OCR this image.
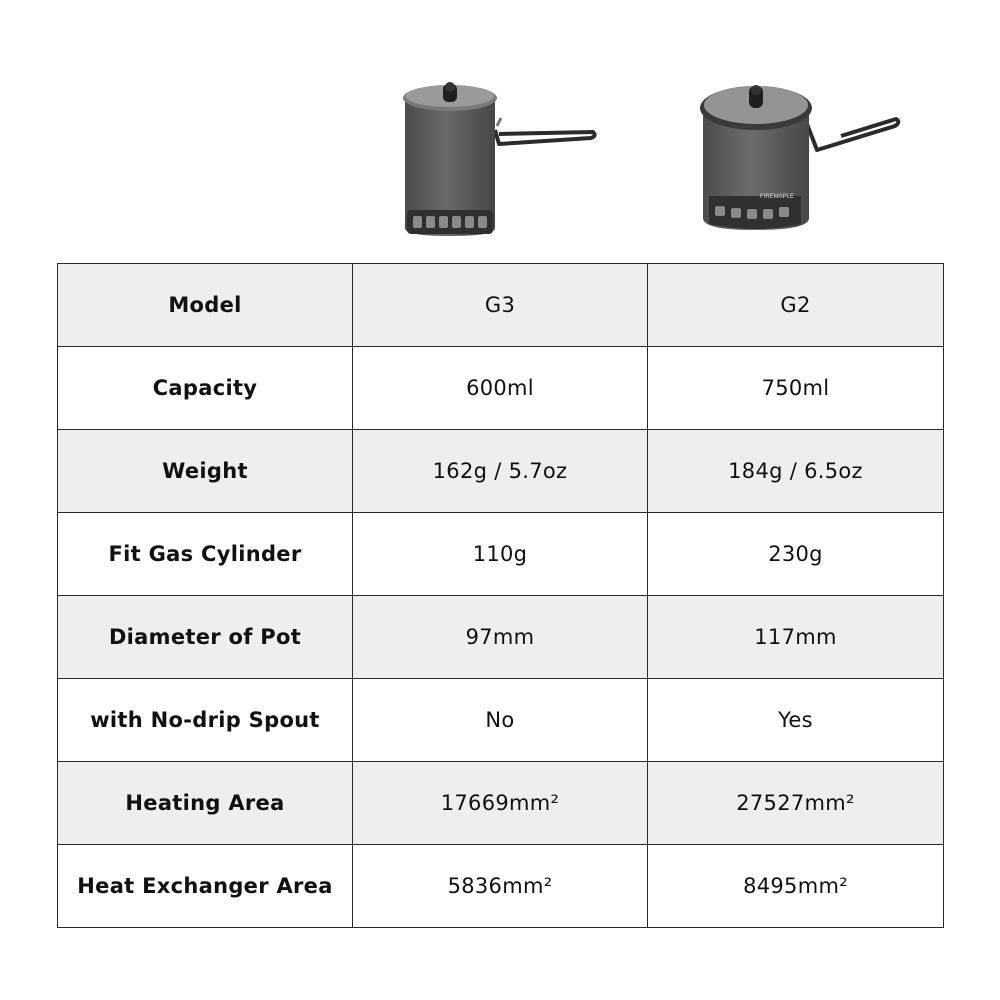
FIREMAPLE
Model	G3	G2
Capacity	600ml	750ml
Weight	162g / 5.7oz	184g / 6.5oz
Fit Gas Cylinder	110g	230g
Diameter of Pot	97mm	117mm
with No-drip Spout	No	Yes
Heating Area	17669mm²	27527mm²
Heat Exchanger Area	5836mm²	8495mm²
